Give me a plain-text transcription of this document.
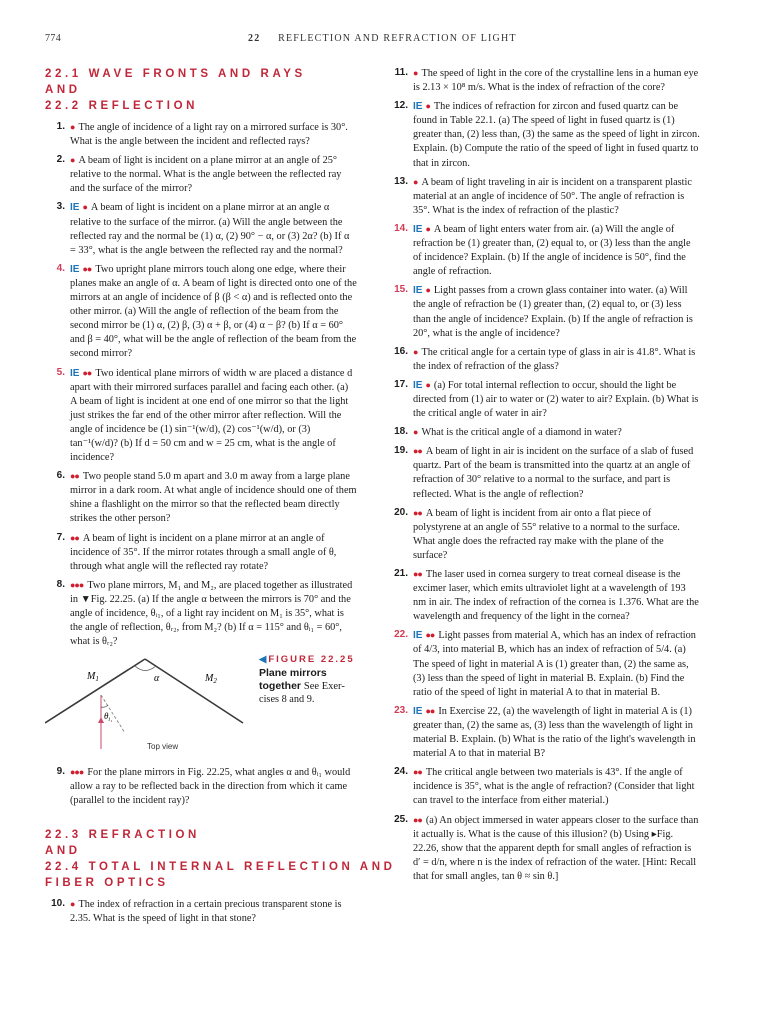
774	22 REFLECTION AND REFRACTION OF LIGHT
22.1 WAVE FRONTS AND RAYS
AND
22.2 REFLECTION
1. ● The angle of incidence of a light ray on a mirrored surface is 30°. What is the angle between the incident and reflected rays?
2. ● A beam of light is incident on a plane mirror at an angle of 25° relative to the normal. What is the angle between the reflected ray and the surface of the mirror?
3. IE ● A beam of light is incident on a plane mirror at an angle α relative to the surface of the mirror. (a) Will the angle between the reflected ray and the normal be (1) α, (2) 90° − α, or (3) 2α? (b) If α = 33°, what is the angle between the reflected ray and the normal?
4. IE ●● Two upright plane mirrors touch along one edge, where their planes make an angle of α. A beam of light is directed onto one of the mirrors at an angle of incidence of β (β < α) and is reflected onto the other mirror. (a) Will the angle of reflection of the beam from the second mirror be (1) α, (2) β, (3) α + β, or (4) α − β? (b) If α = 60° and β = 40°, what will be the angle of reflection of the beam from the second mirror?
5. IE ●● Two identical plane mirrors of width w are placed a distance d apart with their mirrored surfaces parallel and facing each other. (a) A beam of light is incident at one end of one mirror so that the light just strikes the far end of the other mirror after reflection. Will the angle of incidence be (1) sin⁻¹(w/d), (2) cos⁻¹(w/d), or (3) tan⁻¹(w/d)? (b) If d = 50 cm and w = 25 cm, what is the angle of incidence?
6. ●● Two people stand 5.0 m apart and 3.0 m away from a large plane mirror in a dark room. At what angle of incidence should one of them shine a flashlight on the mirror so that the reflected beam directly strikes the other person?
7. ●● A beam of light is incident on a plane mirror at an angle of incidence of 35°. If the mirror rotates through a small angle of θ, through what angle will the reflected ray rotate?
8. ●●● Two plane mirrors, M₁ and M₂, are placed together as illustrated in ▼Fig. 22.25. (a) If the angle α between the mirrors is 70° and the angle of incidence, θᵢ₁, of a light ray incident on M₁ is 35°, what is the angle of reflection, θᵣ₂, from M₂? (b) If α = 115° and θᵢ₁ = 60°, what is θᵣ₂?
$M_1$	$M_2$
α
$\theta_{i_1}$
Top view
◀ FIGURE 22.25
Plane mirrors
together See Exer-
cises 8 and 9.
9. ●●● For the plane mirrors in Fig. 22.25, what angles α and θᵢ₁ would allow a ray to be reflected back in the direction from which it came (parallel to the incident ray)?
22.3 REFRACTION
AND
22.4 TOTAL INTERNAL REFLECTION AND
FIBER OPTICS
10. ● The index of refraction in a certain precious transparent stone is 2.35. What is the speed of light in that stone?
11. ● The speed of light in the core of the crystalline lens in a human eye is 2.13 × 10⁸ m/s. What is the index of refraction of the core?
12. IE ● The indices of refraction for zircon and fused quartz can be found in Table 22.1. (a) The speed of light in fused quartz is (1) greater than, (2) less than, (3) the same as the speed of light in zircon. Explain. (b) Compute the ratio of the speed of light in fused quartz to that in zircon.
13. ● A beam of light traveling in air is incident on a transparent plastic material at an angle of incidence of 50°. The angle of refraction is 35°. What is the index of refraction of the plastic?
14. IE ● A beam of light enters water from air. (a) Will the angle of refraction be (1) greater than, (2) equal to, or (3) less than the angle of incidence? Explain. (b) If the angle of incidence is 50°, find the angle of refraction.
15. IE ● Light passes from a crown glass container into water. (a) Will the angle of refraction be (1) greater than, (2) equal to, or (3) less than the angle of incidence? Explain. (b) If the angle of refraction is 20°, what is the angle of incidence?
16. ● The critical angle for a certain type of glass in air is 41.8°. What is the index of refraction of the glass?
17. IE ● (a) For total internal reflection to occur, should the light be directed from (1) air to water or (2) water to air? Explain. (b) What is the critical angle of water in air?
18. ● What is the critical angle of a diamond in water?
19. ●● A beam of light in air is incident on the surface of a slab of fused quartz. Part of the beam is transmitted into the quartz at an angle of refraction of 30° relative to a normal to the surface, and part is reflected. What is the angle of reflection?
20. ●● A beam of light is incident from air onto a flat piece of polystyrene at an angle of 55° relative to a normal to the surface. What angle does the refracted ray make with the plane of the surface?
21. ●● The laser used in cornea surgery to treat corneal disease is the excimer laser, which emits ultraviolet light at a wavelength of 193 nm in air. The index of refraction of the cornea is 1.376. What are the wavelength and frequency of the light in the cornea?
22. IE ●● Light passes from material A, which has an index of refraction of 4/3, into material B, which has an index of refraction of 5/4. (a) The speed of light in material A is (1) greater than, (2) the same as, (3) less than the speed of light in material B. Explain. (b) Find the ratio of the speed of light in material A to that in material B.
23. IE ●● In Exercise 22, (a) the wavelength of light in material A is (1) greater than, (2) the same as, (3) less than the wavelength of light in material B. Explain. (b) What is the ratio of the light's wavelength in material A to that in material B?
24. ●● The critical angle between two materials is 43°. If the angle of incidence is 35°, what is the angle of refraction? (Consider that light can travel to the interface from either material.)
25. ●● (a) An object immersed in water appears closer to the surface than it actually is. What is the cause of this illusion? (b) Using ▸Fig. 22.26, show that the apparent depth for small angles of refraction is d′ = d/n, where n is the index of refraction of the water. [Hint: Recall that for small angles, tan θ ≈ sin θ.]
